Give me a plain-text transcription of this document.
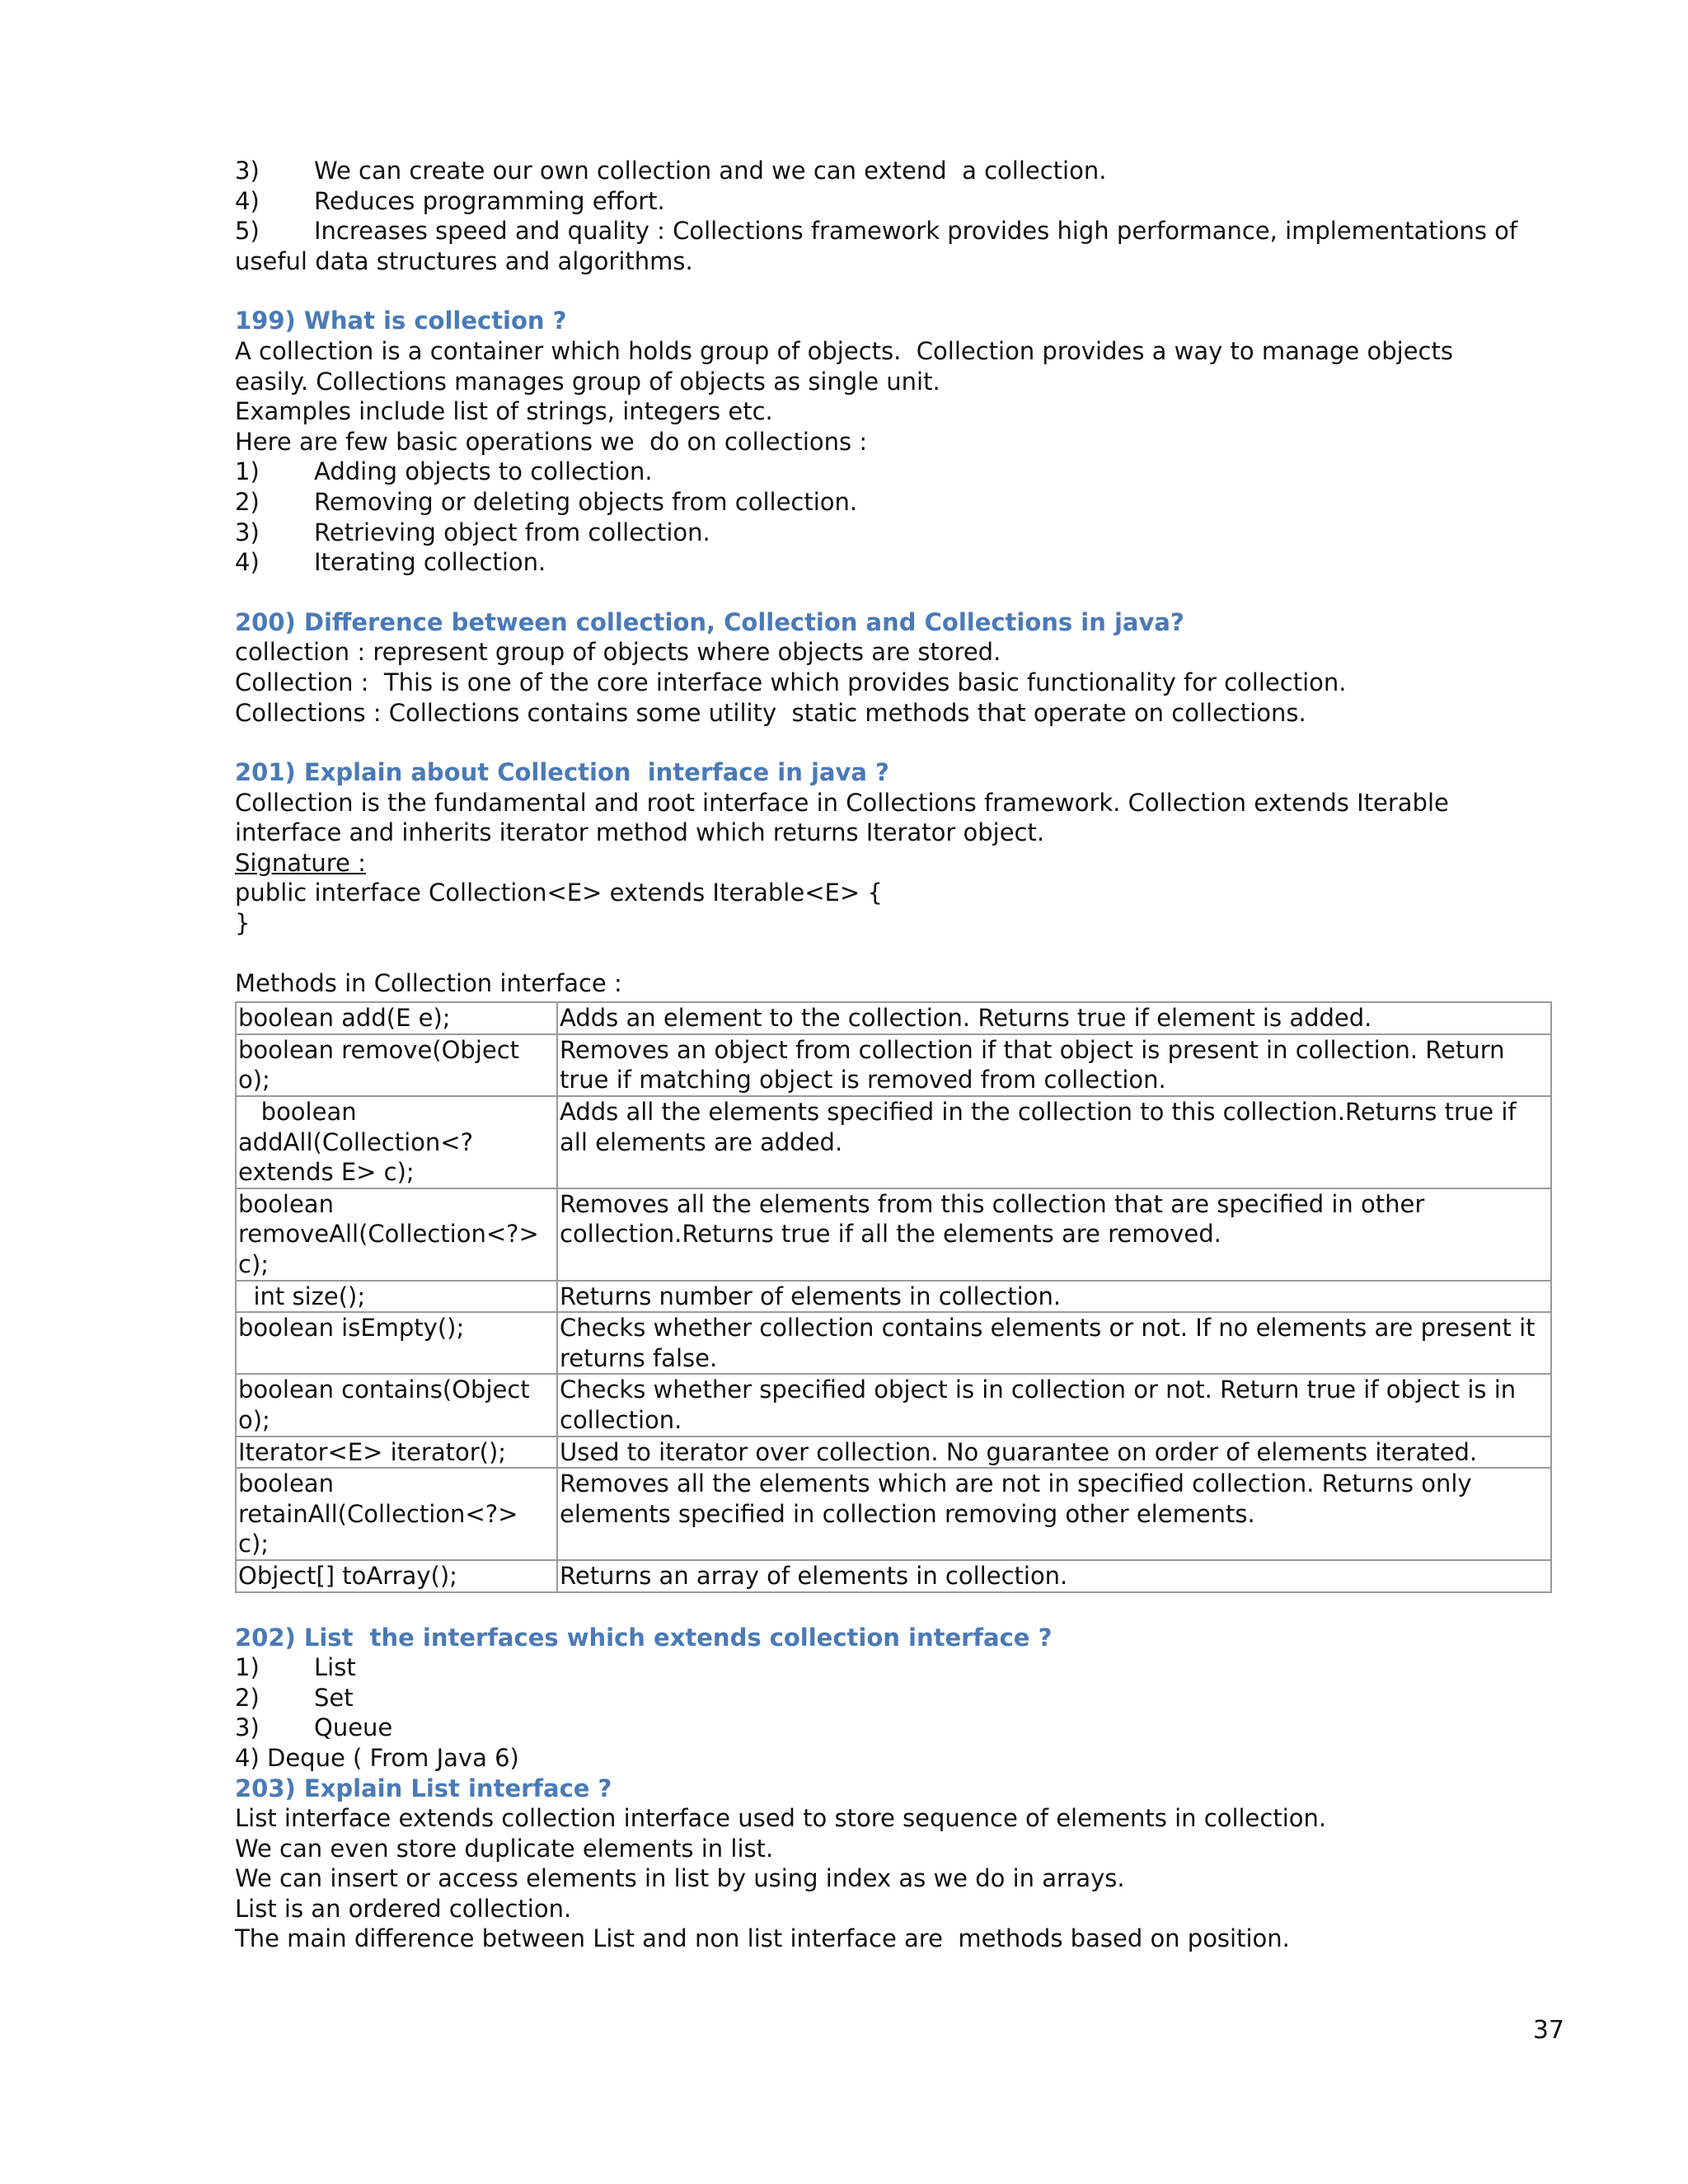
3) We can create our own collection and we can extend  a collection.
4) Reduces programming effort.
5) Increases speed and quality : Collections framework provides high performance, implementations of
useful data structures and algorithms.
199) What is collection ?
A collection is a container which holds group of objects.  Collection provides a way to manage objects
easily. Collections manages group of objects as single unit.
Examples include list of strings, integers etc.
Here are few basic operations we  do on collections :
1) Adding objects to collection.
2) Removing or deleting objects from collection.
3) Retrieving object from collection.
4) Iterating collection.
200) Difference between collection, Collection and Collections in java?
collection : represent group of objects where objects are stored.
Collection :  This is one of the core interface which provides basic functionality for collection.
Collections : Collections contains some utility  static methods that operate on collections.
201) Explain about Collection  interface in java ?
Collection is the fundamental and root interface in Collections framework. Collection extends Iterable
interface and inherits iterator method which returns Iterator object.
Signature :
public interface Collection<E> extends Iterable<E> {
}
Methods in Collection interface :
boolean add(E e);	Adds an element to the collection. Returns true if element is added.
boolean remove(Object o);	Removes an object from collection if that object is present in collection. Return true if matching object is removed from collection.
boolean addAll(Collection<? extends E> c);	Adds all the elements specified in the collection to this collection.Returns true if all elements are added.
boolean removeAll(Collection<?> c);	Removes all the elements from this collection that are specified in other collection.Returns true if all the elements are removed.
int size();	Returns number of elements in collection.
boolean isEmpty();	Checks whether collection contains elements or not. If no elements are present it returns false.
boolean contains(Object o);	Checks whether specified object is in collection or not. Return true if object is in collection.
Iterator<E> iterator();	Used to iterator over collection. No guarantee on order of elements iterated.
boolean retainAll(Collection<?> c);	Removes all the elements which are not in specified collection. Returns only elements specified in collection removing other elements.
Object[] toArray();	Returns an array of elements in collection.
202) List  the interfaces which extends collection interface ?
1) List
2) Set
3) Queue
4) Deque ( From Java 6)
203) Explain List interface ?
List interface extends collection interface used to store sequence of elements in collection.
We can even store duplicate elements in list.
We can insert or access elements in list by using index as we do in arrays.
List is an ordered collection.
The main difference between List and non list interface are  methods based on position.
37
